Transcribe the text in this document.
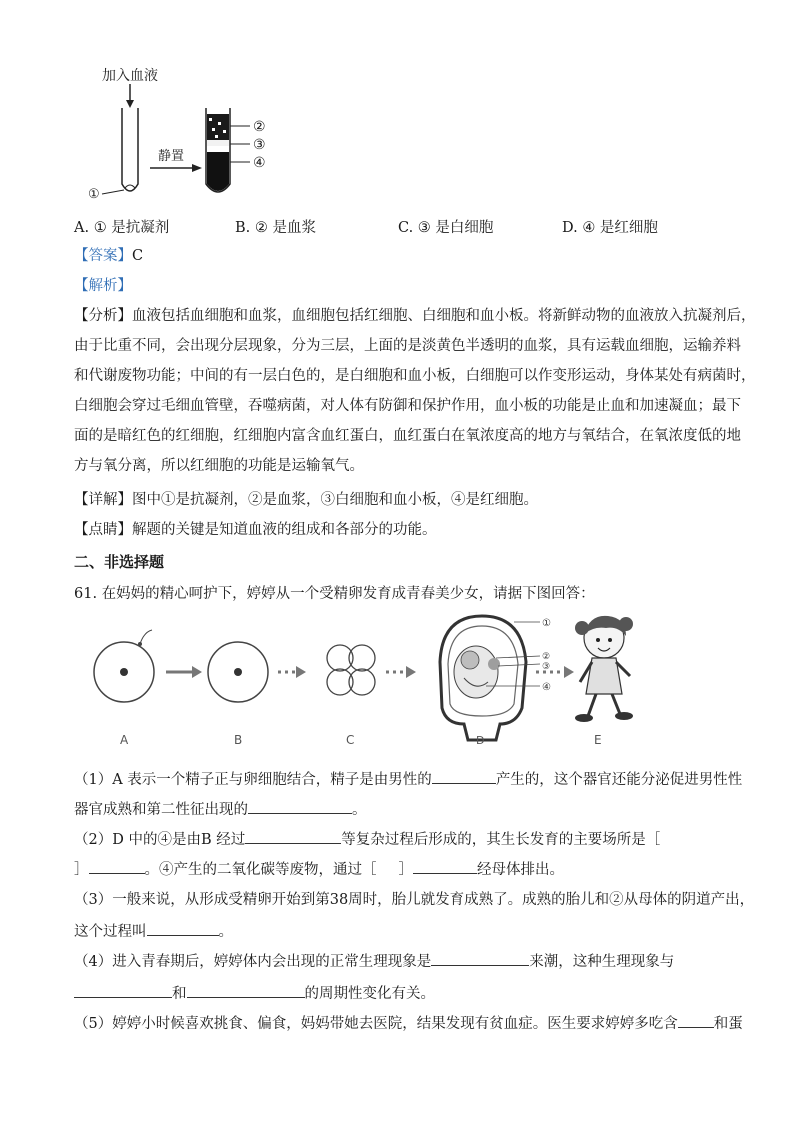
加入血液
①
静置
②
③
④
A. ① 是抗凝剂	B. ② 是血浆	C. ③ 是白细胞	D. ④ 是红细胞
【答案】C
【解析】
【分析】血液包括血细胞和血浆，血细胞包括红细胞、白细胞和血小板。将新鲜动物的血液放入抗凝剂后，
由于比重不同，会出现分层现象，分为三层，上面的是淡黄色半透明的血浆，具有运载血细胞，运输养料
和代谢废物功能；中间的有一层白色的，是白细胞和血小板，白细胞可以作变形运动，身体某处有病菌时，
白细胞会穿过毛细血管壁，吞噬病菌，对人体有防御和保护作用，血小板的功能是止血和加速凝血；最下
面的是暗红色的红细胞，红细胞内富含血红蛋白，血红蛋白在氧浓度高的地方与氧结合，在氧浓度低的地
方与氧分离，所以红细胞的功能是运输氧气。
【详解】图中①是抗凝剂，②是血浆，③白细胞和血小板，④是红细胞。
【点睛】解题的关键是知道血液的组成和各部分的功能。
二、非选择题
61. 在妈妈的精心呵护下，婷婷从一个受精卵发育成青春美少女，请据下图回答：
①
②
③
④
A	B	C	D	E
（1）A 表示一个精子正与卵细胞结合，精子是由男性的	产生的，这个器官还能分泌促进男性性
器官成熟和第二性征出现的	。
（2）D 中的④是由B 经过	等复杂过程后形成的，其生长发育的主要场所是［
］	。④产生的二氧化碳等废物，通过［ ］	经母体排出。
（3）一般来说，从形成受精卵开始到第38周时，胎儿就发育成熟了。成熟的胎儿和②从母体的阴道产出，
这个过程叫	。
（4）进入青春期后，婷婷体内会出现的正常生理现象是	来潮，这种生理现象与
和	的周期性变化有关。
（5）婷婷小时候喜欢挑食、偏食，妈妈带她去医院，结果发现有贫血症。医生要求婷婷多吃含 和蛋
